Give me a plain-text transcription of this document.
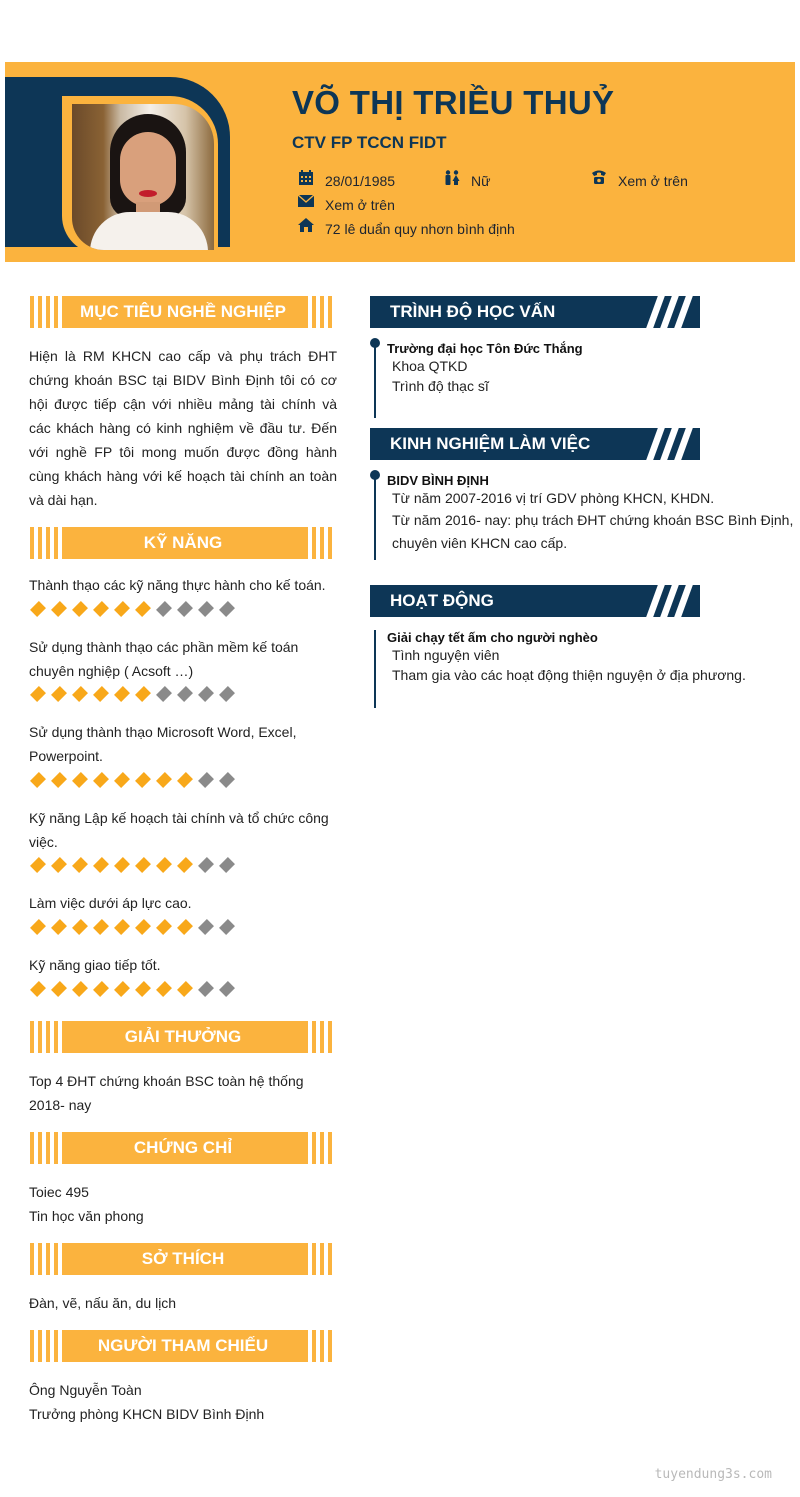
VÕ THỊ TRIỀU THUỶ
CTV FP TCCN FIDT
28/01/1985	Nữ	Xem ở trên
Xem ở trên
72 lê duẩn quy nhơn bình định
MỤC TIÊU NGHỀ NGHIỆP
Hiện là RM KHCN cao cấp và phụ trách ĐHT chứng khoán BSC tại BIDV Bình Định tôi có cơ hội được tiếp cận với nhiều mảng tài chính và các khách hàng có kinh nghiệm về đầu tư. Đến với nghề FP tôi mong muốn được đồng hành cùng khách hàng với kế hoạch tài chính an toàn và dài hạn.
KỸ NĂNG
Thành thạo các kỹ năng thực hành cho kế toán.
Sử dụng thành thạo các phần mềm kế toán chuyên nghiệp ( Acsoft …)
Sử dụng thành thạo Microsoft Word, Excel, Powerpoint.
Kỹ năng Lập kế hoạch tài chính và tổ chức công việc.
Làm việc dưới áp lực cao.
Kỹ năng giao tiếp tốt.
GIẢI THƯỞNG
Top 4 ĐHT chứng khoán BSC toàn hệ thống 2018- nay
CHỨNG CHỈ
Toiec 495
Tin học văn phong
SỞ THÍCH
Đàn, vẽ, nấu ăn, du lịch
NGƯỜI THAM CHIẾU
Ông Nguyễn Toàn
Trưởng phòng KHCN BIDV Bình Định
TRÌNH ĐỘ HỌC VẤN
Trường đại học Tôn Đức Thắng
Khoa QTKD
Trình độ thạc sĩ
KINH NGHIỆM LÀM VIỆC
BIDV BÌNH ĐỊNH
Từ năm 2007-2016 vị trí GDV phòng KHCN, KHDN.
Từ năm 2016- nay: phụ trách ĐHT chứng khoán BSC Bình Định,
chuyên viên KHCN cao cấp.
HOẠT ĐỘNG
Giải chạy tết ấm cho người nghèo
Tình nguyện viên
Tham gia vào các hoạt động thiện nguyện ở địa phương.
tuyendung3s.com
